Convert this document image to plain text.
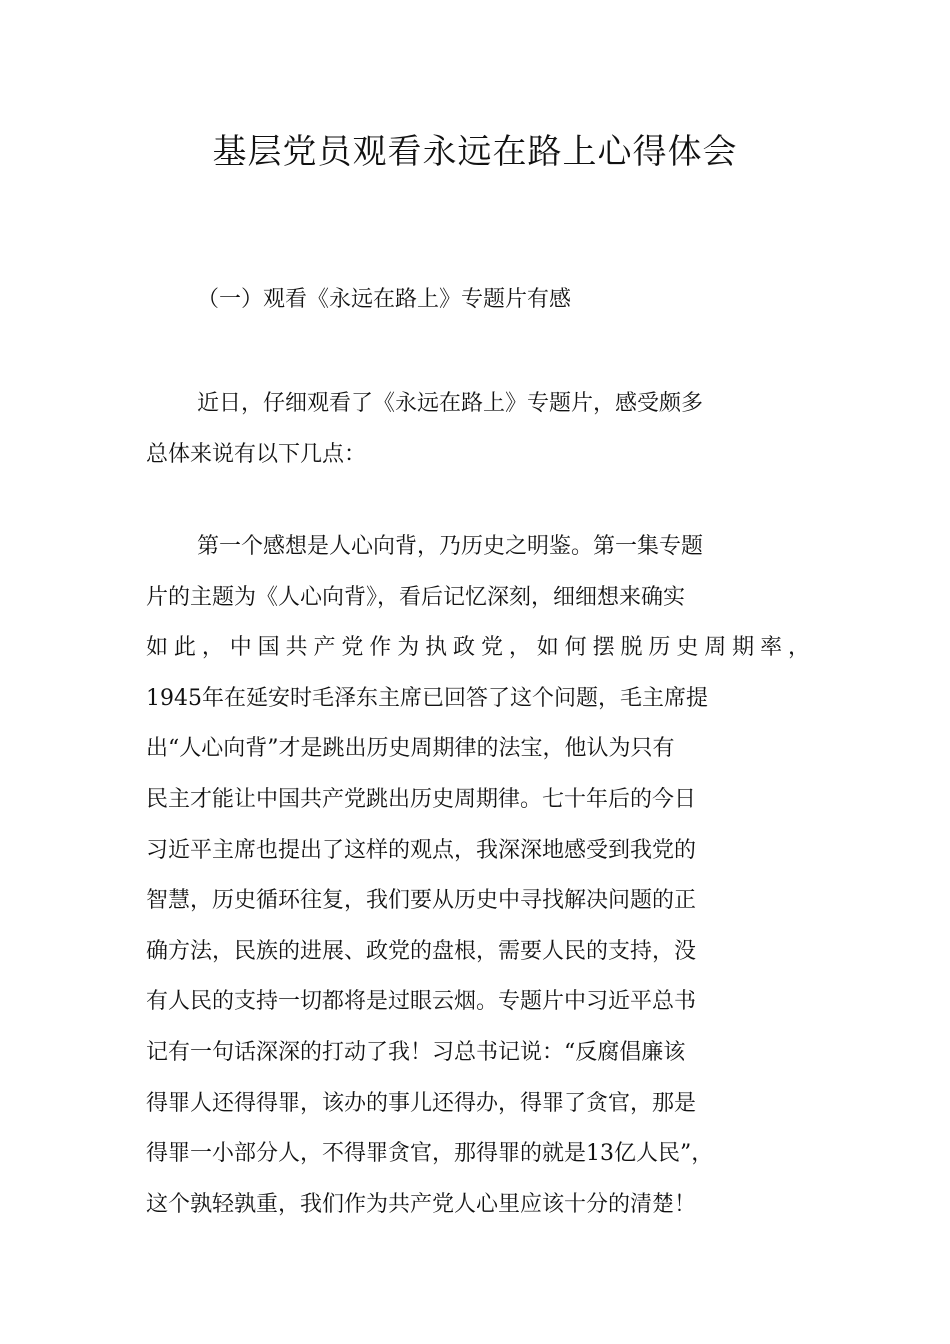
基层党员观看永远在路上心得体会

（一）观看《永远在路上》专题片有感

近日，仔细观看了《永远在路上》专题片，感受颇多
总体来说有以下几点：
第一个感想是人心向背，乃历史之明鉴。第一集专题
片的主题为《人心向背》，看后记忆深刻，细细想来确实
如此，中国共产党作为执政党，如何摆脱历史周期率，
1945年在延安时毛泽东主席已回答了这个问题，毛主席提
出“人心向背”才是跳出历史周期律的法宝，他认为只有
民主才能让中国共产党跳出历史周期律。七十年后的今日
习近平主席也提出了这样的观点，我深深地感受到我党的
智慧，历史循环往复，我们要从历史中寻找解决问题的正
确方法，民族的进展、政党的盘根，需要人民的支持，没
有人民的支持一切都将是过眼云烟。专题片中习近平总书
记有一句话深深的打动了我！习总书记说：“反腐倡廉该
得罪人还得得罪，该办的事儿还得办，得罪了贪官，那是
得罪一小部分人，不得罪贪官，那得罪的就是13亿人民”，
这个孰轻孰重，我们作为共产党人心里应该十分的清楚！
